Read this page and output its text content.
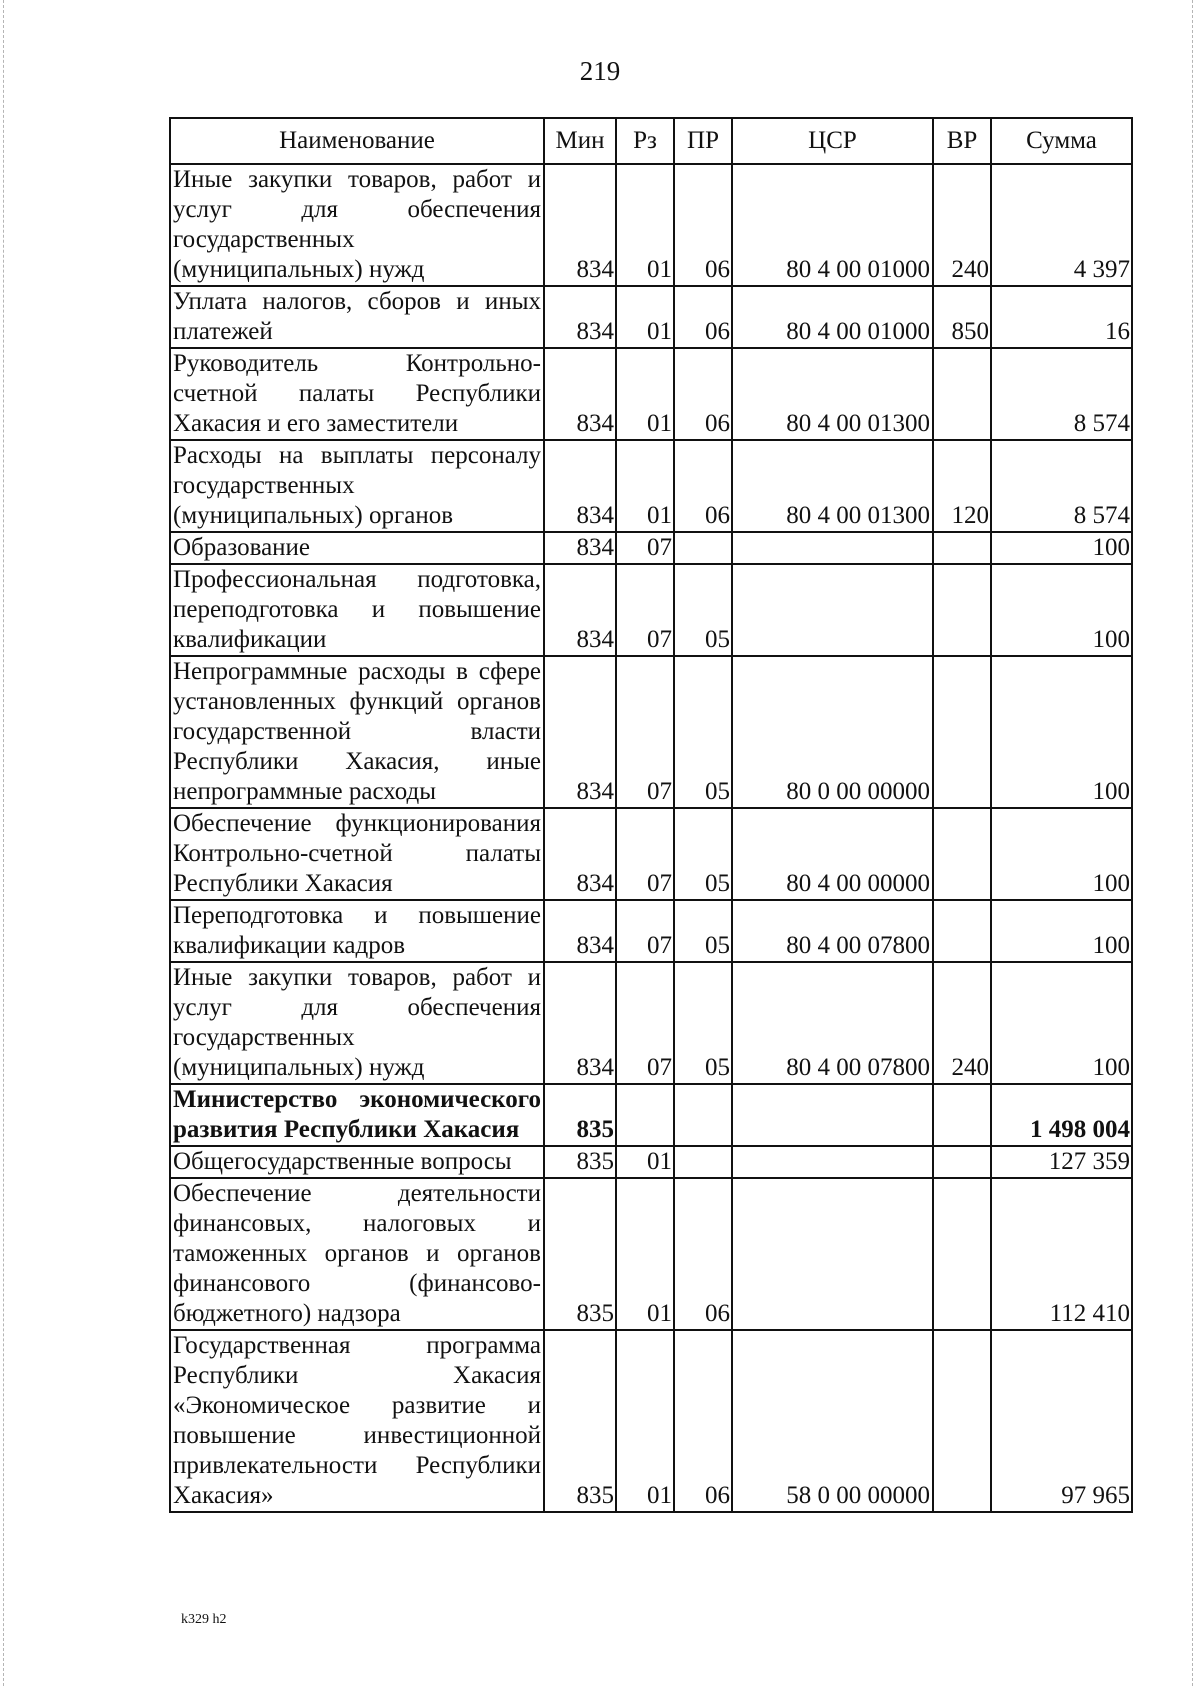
219
Наименование	Мин	Рз	ПР	ЦСР	ВР	Сумма
Иные закупки товаров, работ и услуг для обеспечения государственных (муниципальных) нужд	834	01	06	80 4 00 01000	240	4 397
Уплата налогов, сборов и иных платежей	834	01	06	80 4 00 01000	850	16
Руководитель Контрольно-счетной палаты Республики Хакасия и его заместители	834	01	06	80 4 00 01300		8 574
Расходы на выплаты персоналу государственных (муниципальных) органов	834	01	06	80 4 00 01300	120	8 574
Образование	834	07				100
Профессиональная подготовка, переподготовка и повышение квалификации	834	07	05			100
Непрограммные расходы в сфере установленных функций органов государственной власти Республики Хакасия, иные непрограммные расходы	834	07	05	80 0 00 00000		100
Обеспечение функционирования Контрольно-счетной палаты Республики Хакасия	834	07	05	80 4 00 00000		100
Переподготовка и повышение квалификации кадров	834	07	05	80 4 00 07800		100
Иные закупки товаров, работ и услуг для обеспечения государственных (муниципальных) нужд	834	07	05	80 4 00 07800	240	100
Министерство экономического развития Республики Хакасия	835					1 498 004
Общегосударственные вопросы	835	01				127 359
Обеспечение деятельности финансовых, налоговых и таможенных органов и органов финансового (финансово-бюджетного) надзора	835	01	06			112 410
Государственная программа Республики Хакасия «Экономическое развитие и повышение инвестиционной привлекательности Республики Хакасия»	835	01	06	58 0 00 00000		97 965
k329 h2
